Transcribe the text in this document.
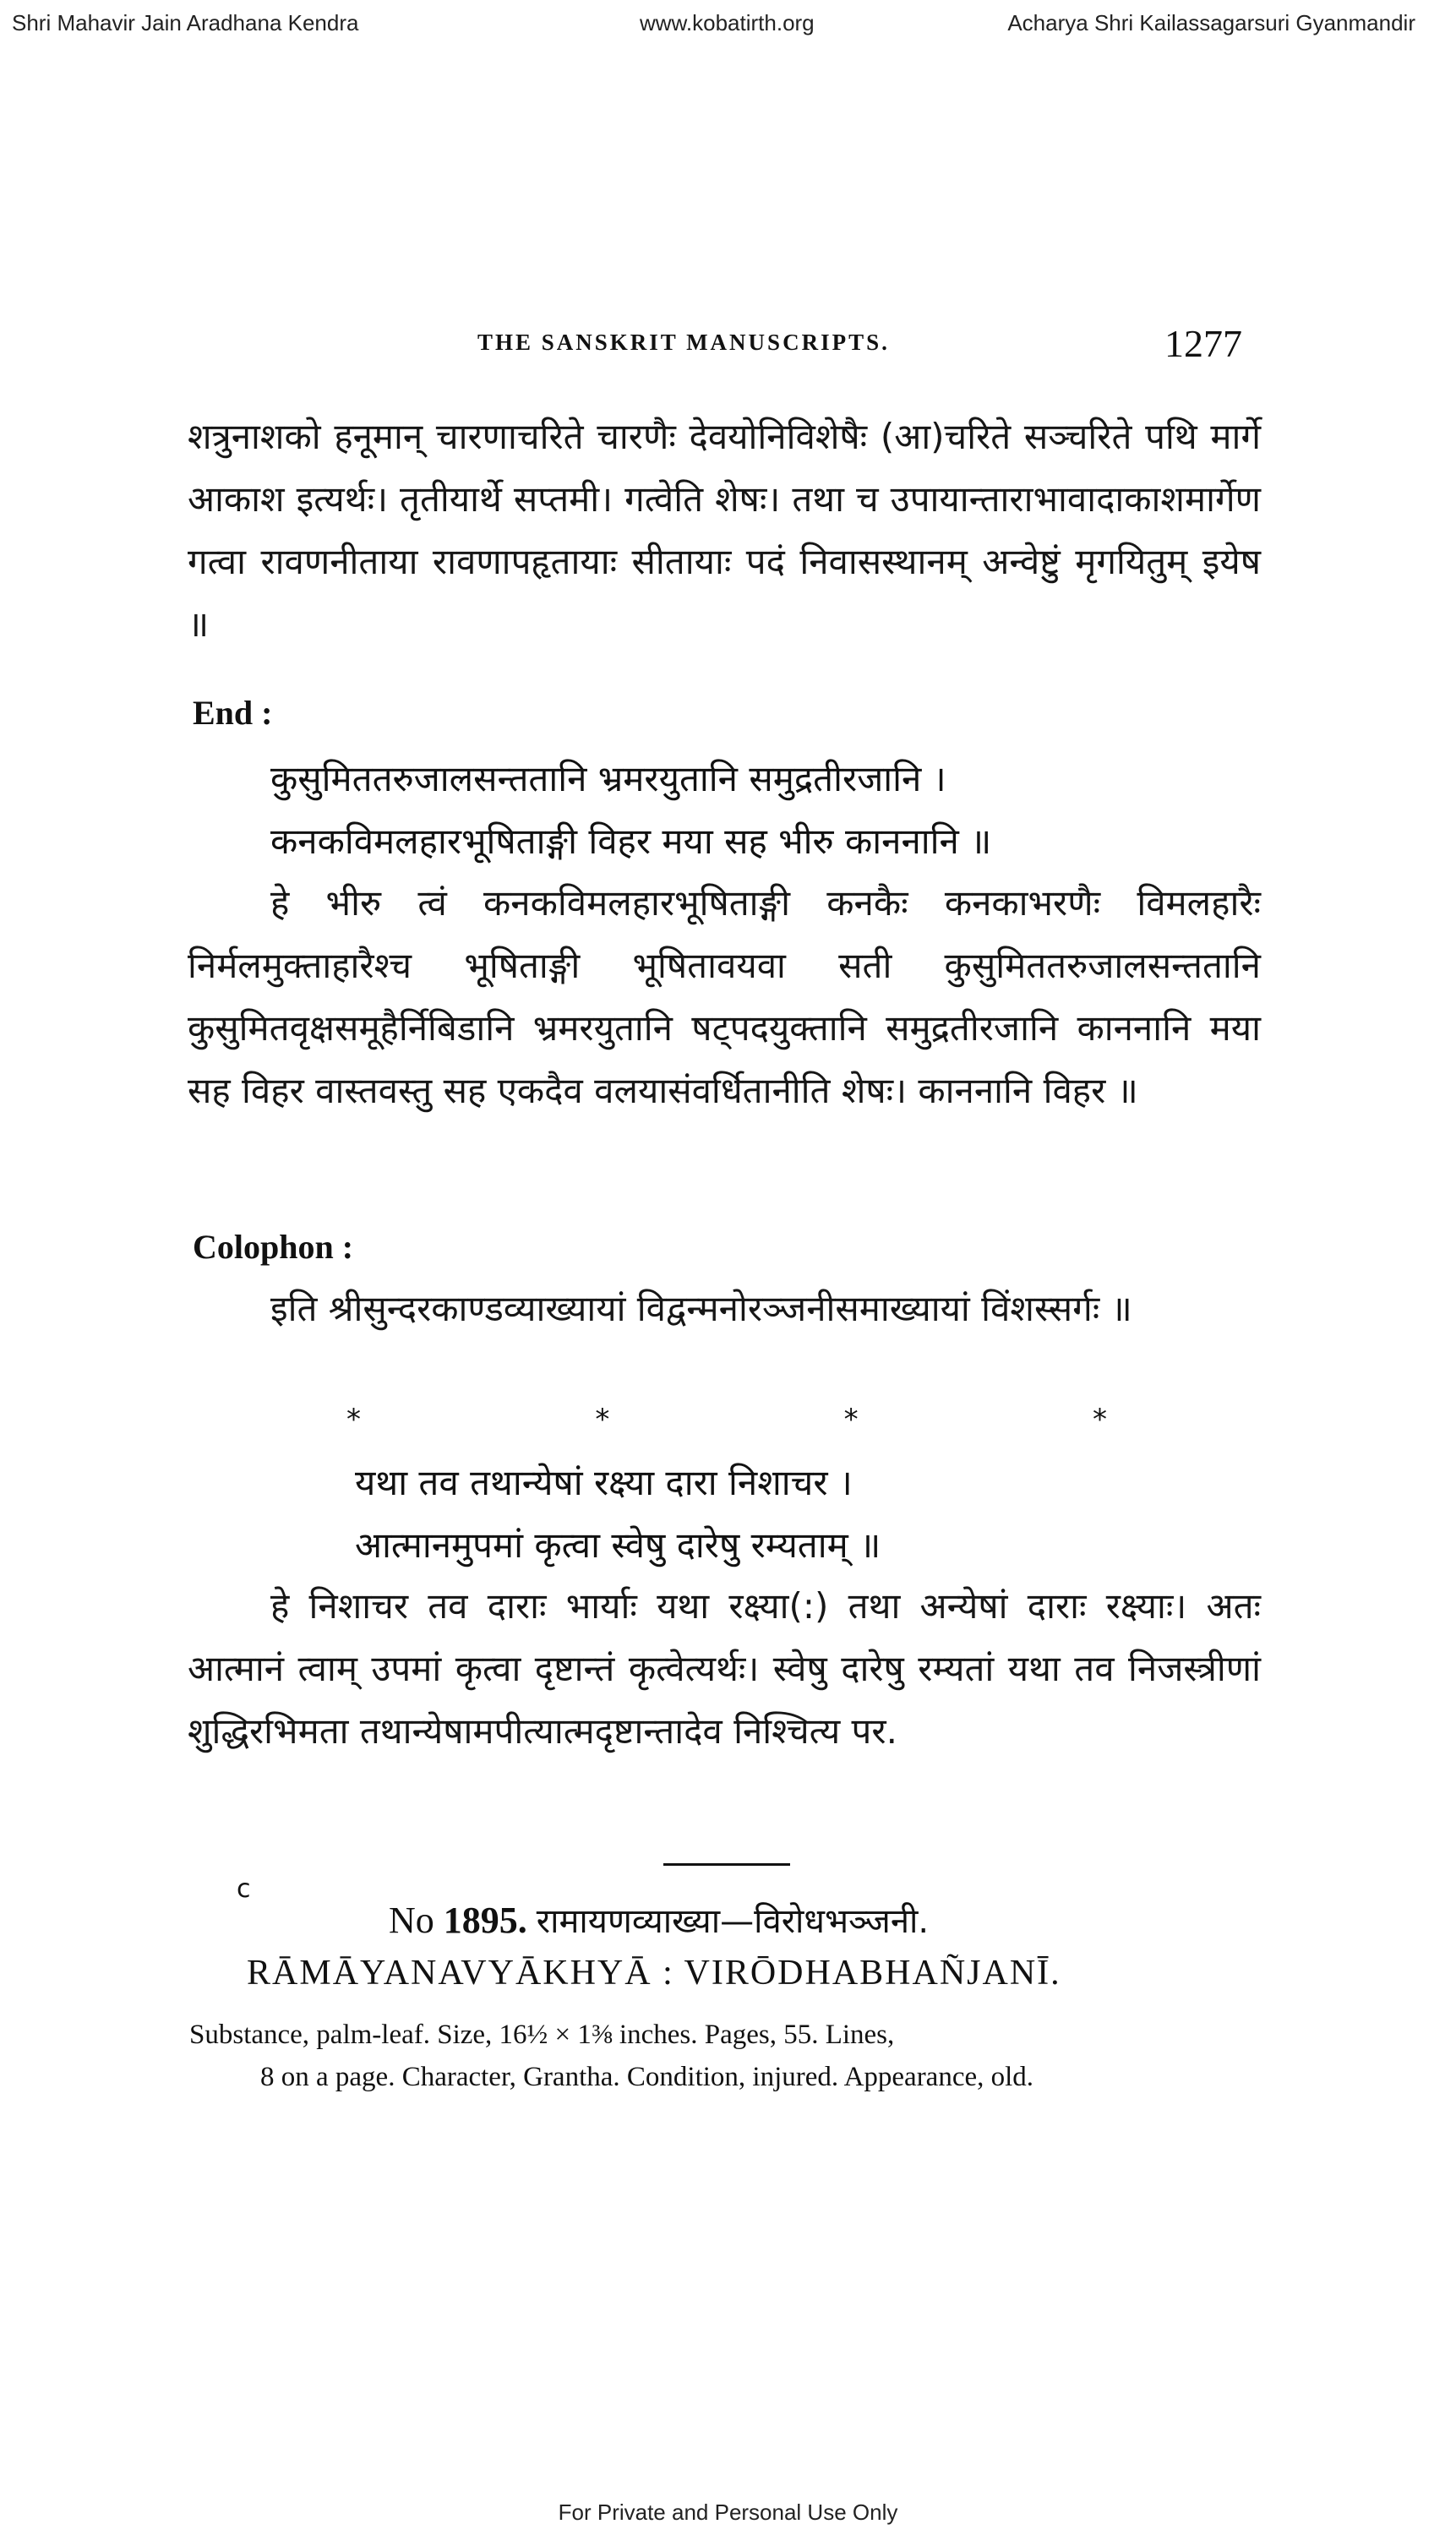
Shri Mahavir Jain Aradhana Kendra	www.kobatirth.org	Acharya Shri Kailassagarsuri Gyanmandir
THE SANSKRIT MANUSCRIPTS.	1277
शत्रुनाशको हनूमान् चारणाचरिते चारणैः देवयोनिविशेषैः (आ)चरिते सञ्चरिते पथि मार्गे आकाश इत्यर्थः। तृतीयार्थे सप्तमी। गत्वेति शेषः। तथा च उपायान्ताराभावादाकाशमार्गेण गत्वा रावणनीताया रावणापहृतायाः सीतायाः पदं निवासस्थानम् अन्वेष्टुं मृगयितुम् इयेष ॥
End :
कुसुमिततरुजालसन्ततानि भ्रमरयुतानि समुद्रतीरजानि ।
कनकविमलहारभूषिताङ्गी विहर मया सह भीरु काननानि ॥
हे भीरु त्वं कनकविमलहारभूषिताङ्गी कनकैः कनकाभरणैः विमलहारैः निर्मलमुक्ताहारैश्च भूषिताङ्गी भूषितावयवा सती कुसुमिततरुजालसन्ततानि कुसुमितवृक्षसमूहैर्निबिडानि भ्रमरयुतानि षट्पदयुक्तानि समुद्रतीरजानि काननानि मया सह विहर वास्तवस्तु सह एकदैव वलयासंवर्धितानीति शेषः। काननानि विहर ॥
Colophon :
इति श्रीसुन्दरकाण्डव्याख्यायां विद्वन्मनोरञ्जनीसमाख्यायां विंशस्सर्गः ॥
*	*	*	*
यथा तव तथान्येषां रक्ष्या दारा निशाचर ।
आत्मानमुपमां कृत्वा स्वेषु दारेषु रम्यताम् ॥
हे निशाचर तव दाराः भार्याः यथा रक्ष्या(:) तथा अन्येषां दाराः रक्ष्याः। अतः आत्मानं त्वाम् उपमां कृत्वा दृष्टान्तं कृत्वेत्यर्थः। स्वेषु दारेषु रम्यतां यथा तव निजस्त्रीणां शुद्धिरभिमता तथान्येषामपीत्यात्मदृष्टान्तादेव निश्चित्य पर.
c
No 1895. रामायणव्याख्या—विरोधभञ्जनी.
RĀMĀYANAVYĀKHYĀ : VIRŌDHABHAÑJANĪ.
Substance, palm-leaf. Size, 16½ × 1⅜ inches. Pages, 55. Lines,
8 on a page. Character, Grantha. Condition, injured. Appearance, old.
For Private and Personal Use Only
